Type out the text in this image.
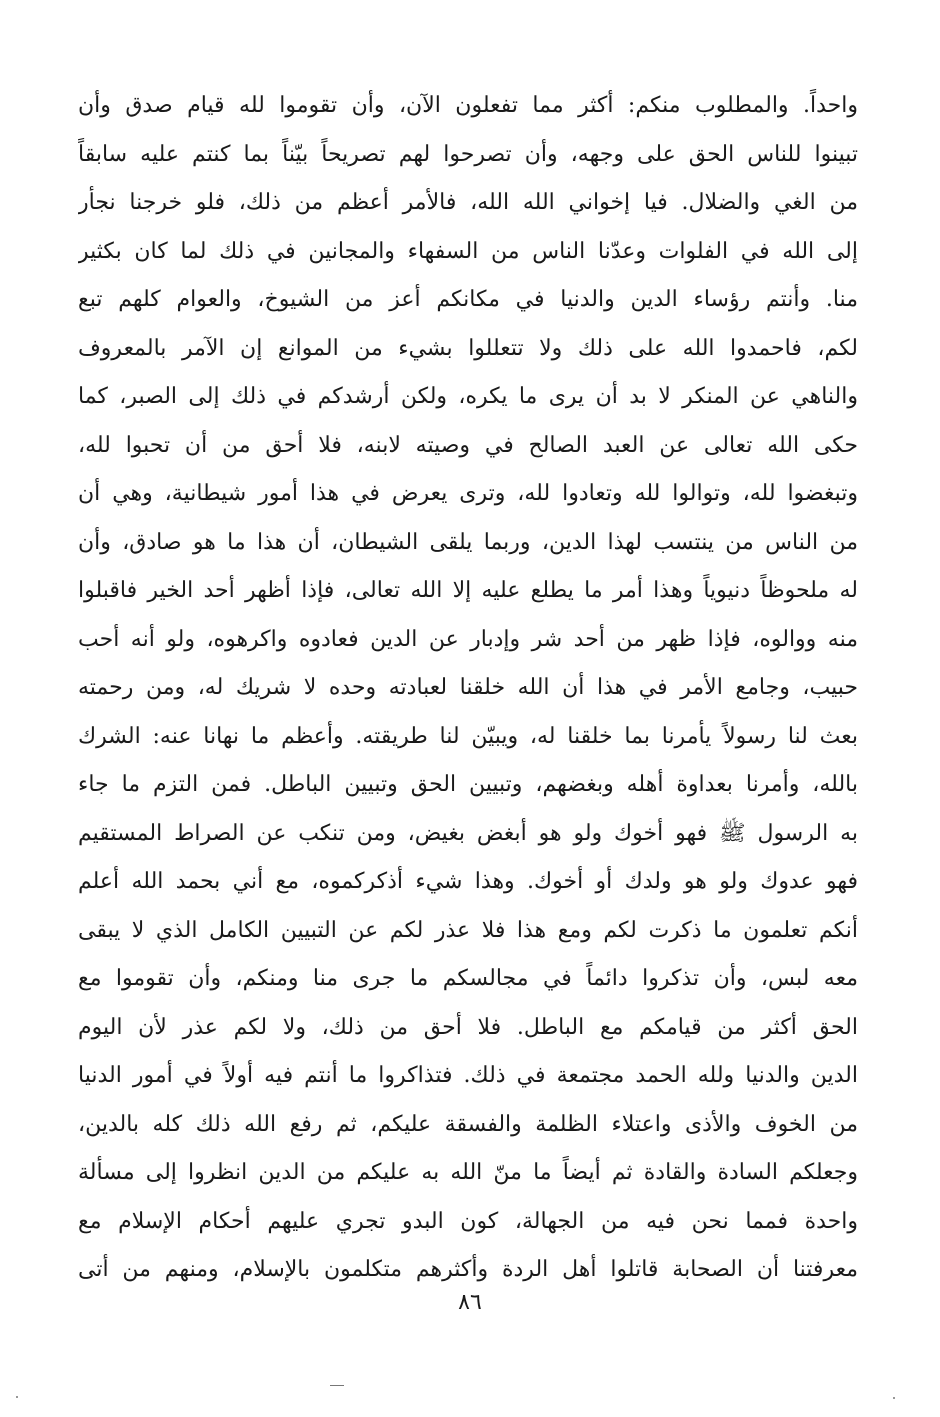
واحداً. والمطلوب منكم: أكثر مما تفعلون الآن، وأن تقوموا لله قيام صدق وأن
تبينوا للناس الحق على وجهه، وأن تصرحوا لهم تصريحاً بيّناً بما كنتم عليه سابقاً
من الغي والضلال. فيا إخواني الله الله، فالأمر أعظم من ذلك، فلو خرجنا نجأر
إلى الله في الفلوات وعدّنا الناس من السفهاء والمجانين في ذلك لما كان بكثير
منا. وأنتم رؤساء الدين والدنيا في مكانكم أعز من الشيوخ، والعوام كلهم تبع
لكم، فاحمدوا الله على ذلك ولا تتعللوا بشيء من الموانع إن الآمر بالمعروف
والناهي عن المنكر لا بد أن يرى ما يكره، ولكن أرشدكم في ذلك إلى الصبر، كما
حكى الله تعالى عن العبد الصالح في وصيته لابنه، فلا أحق من أن تحبوا لله،
وتبغضوا لله، وتوالوا لله وتعادوا لله، وترى يعرض في هذا أمور شيطانية، وهي أن
من الناس من ينتسب لهذا الدين، وربما يلقى الشيطان، أن هذا ما هو صادق، وأن
له ملحوظاً دنيوياً وهذا أمر ما يطلع عليه إلا الله تعالى، فإذا أظهر أحد الخير فاقبلوا
منه ووالوه، فإذا ظهر من أحد شر وإدبار عن الدين فعادوه واكرهوه، ولو أنه أحب
حبيب، وجامع الأمر في هذا أن الله خلقنا لعبادته وحده لا شريك له، ومن رحمته
بعث لنا رسولاً يأمرنا بما خلقنا له، ويبيّن لنا طريقته. وأعظم ما نهانا عنه: الشرك
بالله، وأمرنا بعداوة أهله وبغضهم، وتبيين الحق وتبيين الباطل. فمن التزم ما جاء
به الرسول ﷺ فهو أخوك ولو هو أبغض بغيض، ومن تنكب عن الصراط المستقيم
فهو عدوك ولو هو ولدك أو أخوك. وهذا شيء أذكركموه، مع أني بحمد الله أعلم
أنكم تعلمون ما ذكرت لكم ومع هذا فلا عذر لكم عن التبيين الكامل الذي لا يبقى
معه لبس، وأن تذكروا دائماً في مجالسكم ما جرى منا ومنكم، وأن تقوموا مع
الحق أكثر من قيامكم مع الباطل. فلا أحق من ذلك، ولا لكم عذر لأن اليوم
الدين والدنيا ولله الحمد مجتمعة في ذلك. فتذاكروا ما أنتم فيه أولاً في أمور الدنيا
من الخوف والأذى واعتلاء الظلمة والفسقة عليكم، ثم رفع الله ذلك كله بالدين،
وجعلكم السادة والقادة ثم أيضاً ما منّ الله به عليكم من الدين انظروا إلى مسألة
واحدة فمما نحن فيه من الجهالة، كون البدو تجري عليهم أحكام الإسلام مع
معرفتنا أن الصحابة قاتلوا أهل الردة وأكثرهم متكلمون بالإسلام، ومنهم من أتى
٨٦
